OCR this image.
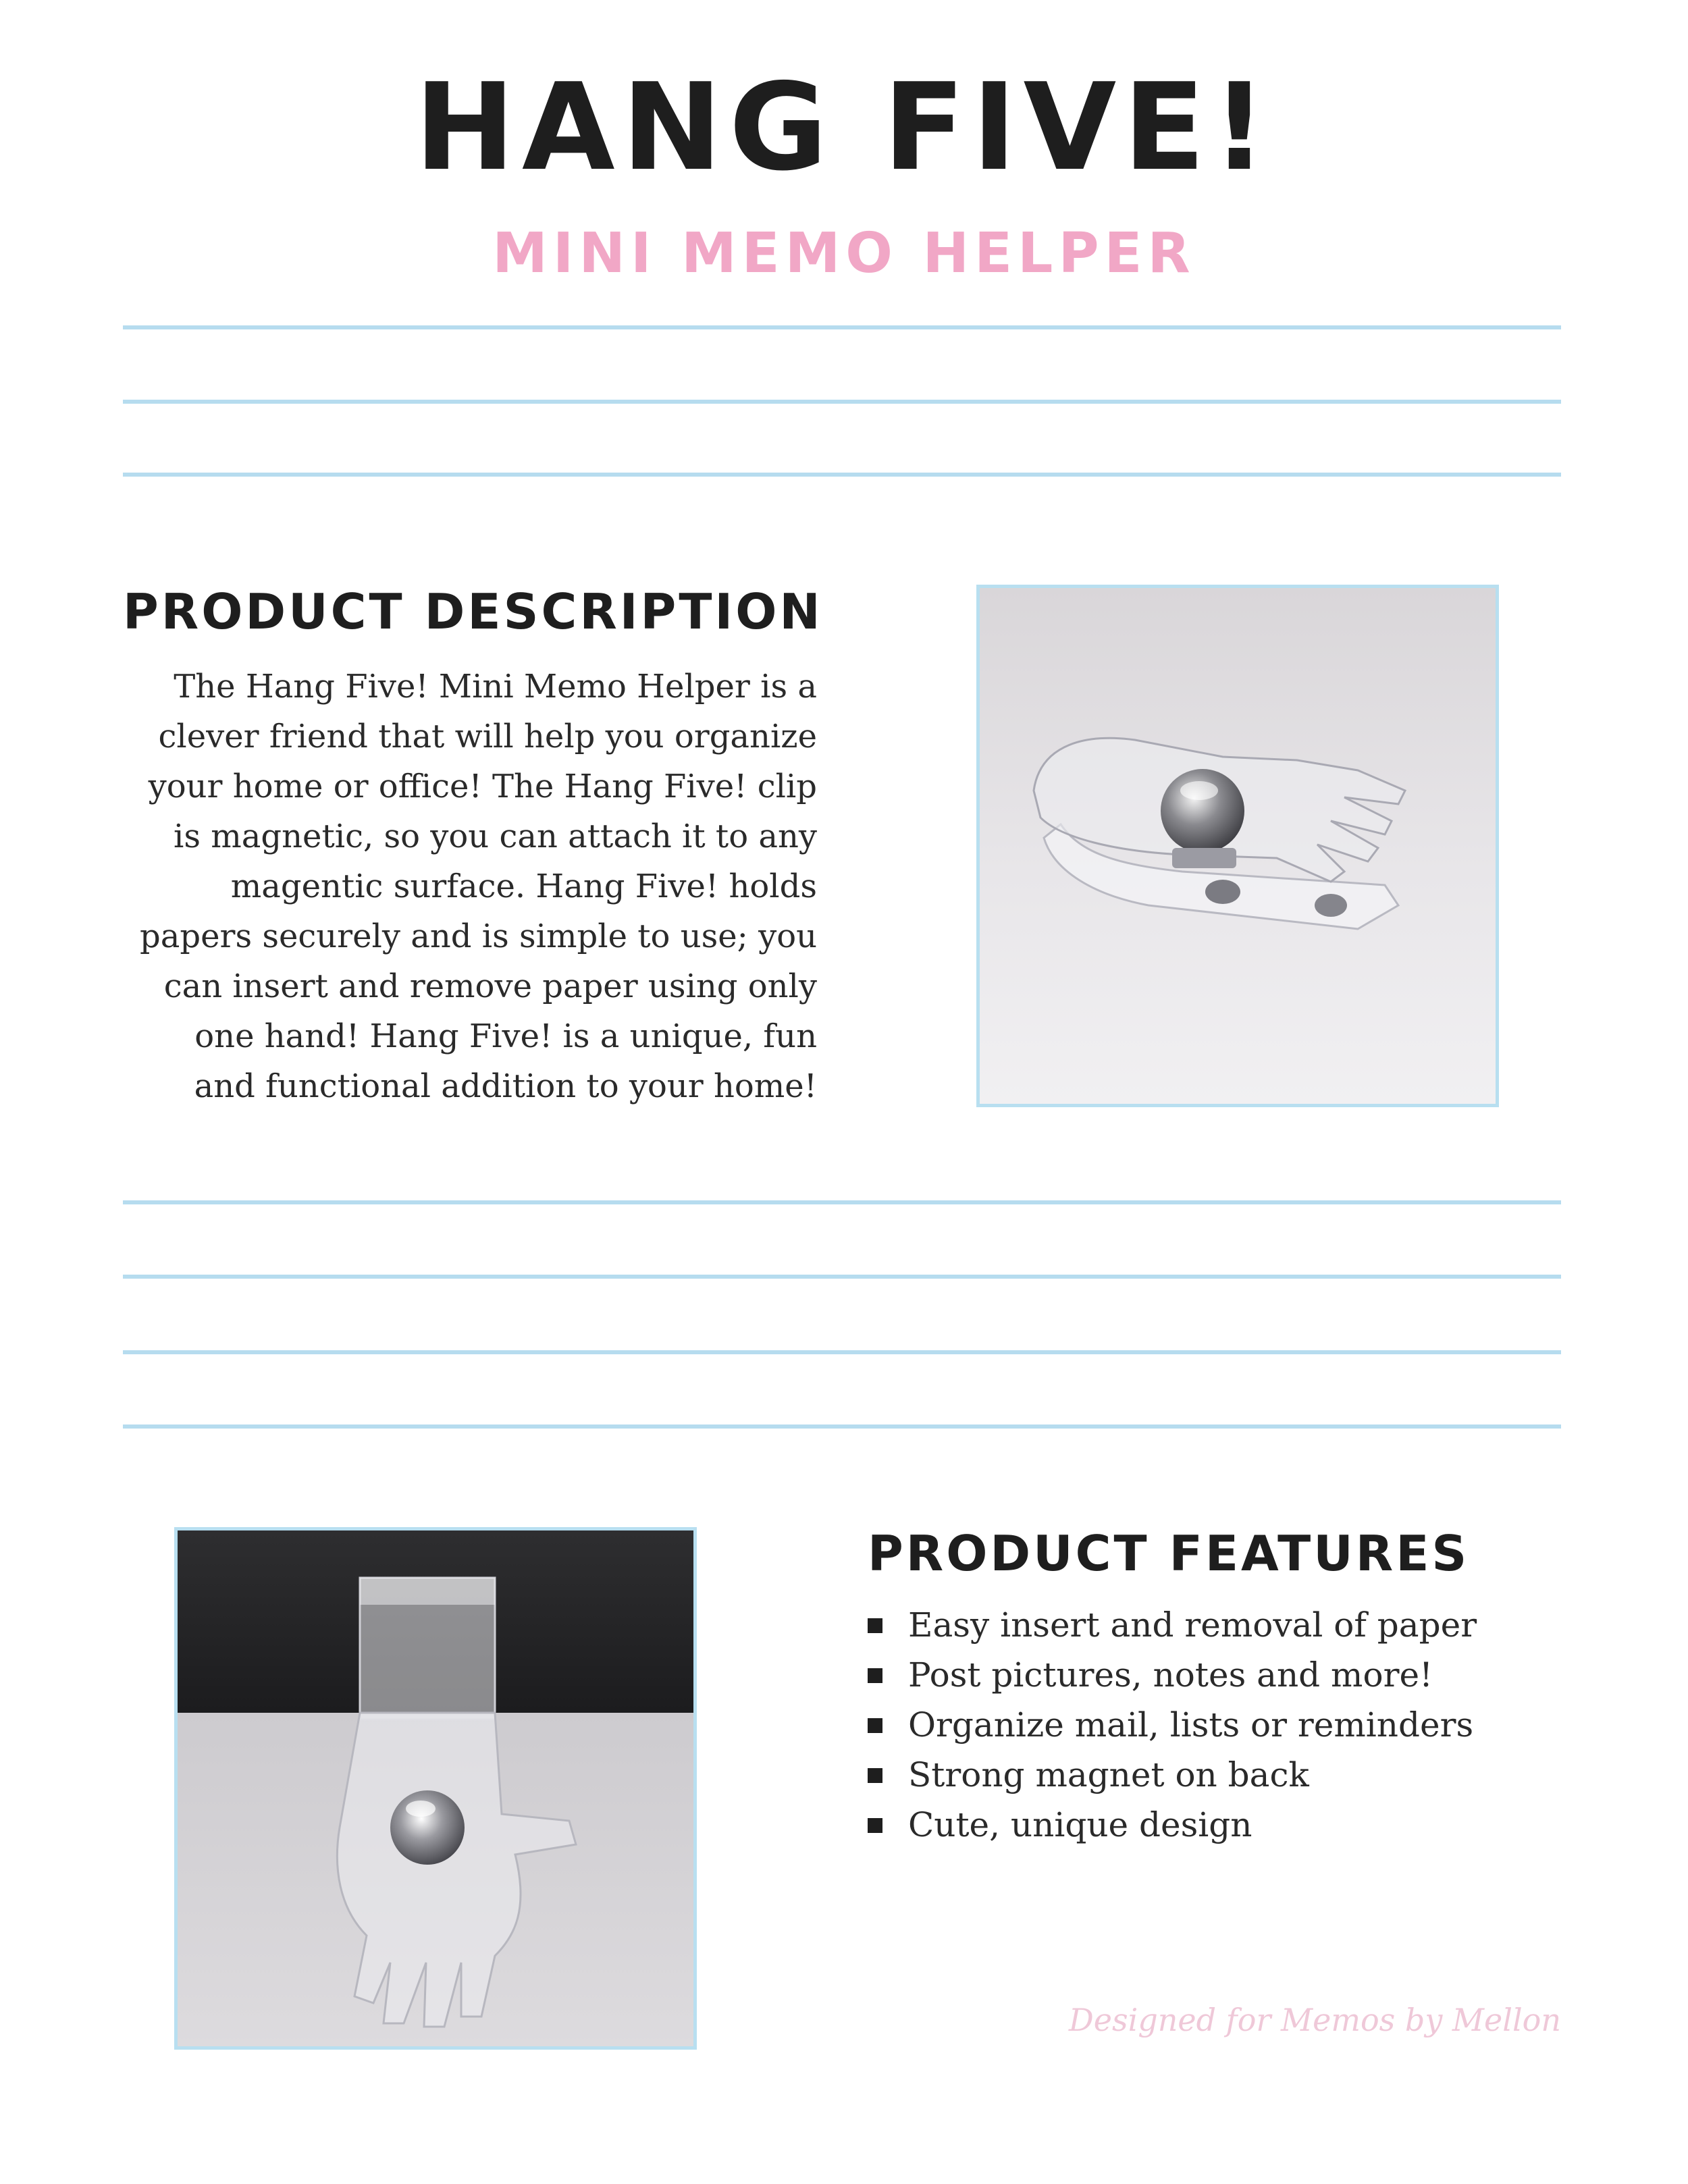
HANG FIVE!
MINI MEMO HELPER
PRODUCT DESCRIPTION
The Hang Five! Mini Memo Helper is a
clever friend that will help you organize
your home or office! The Hang Five! clip
is magnetic, so you can attach it to any
magentic surface. Hang Five! holds
papers securely and is simple to use; you
can insert and remove paper using only
one hand! Hang Five! is a unique, fun
and functional addition to your home!
PRODUCT FEATURES
Easy insert and removal of paper
Post pictures, notes and more!
Organize mail, lists or reminders
Strong magnet on back
Cute, unique design
Designed for Memos by Mellon
